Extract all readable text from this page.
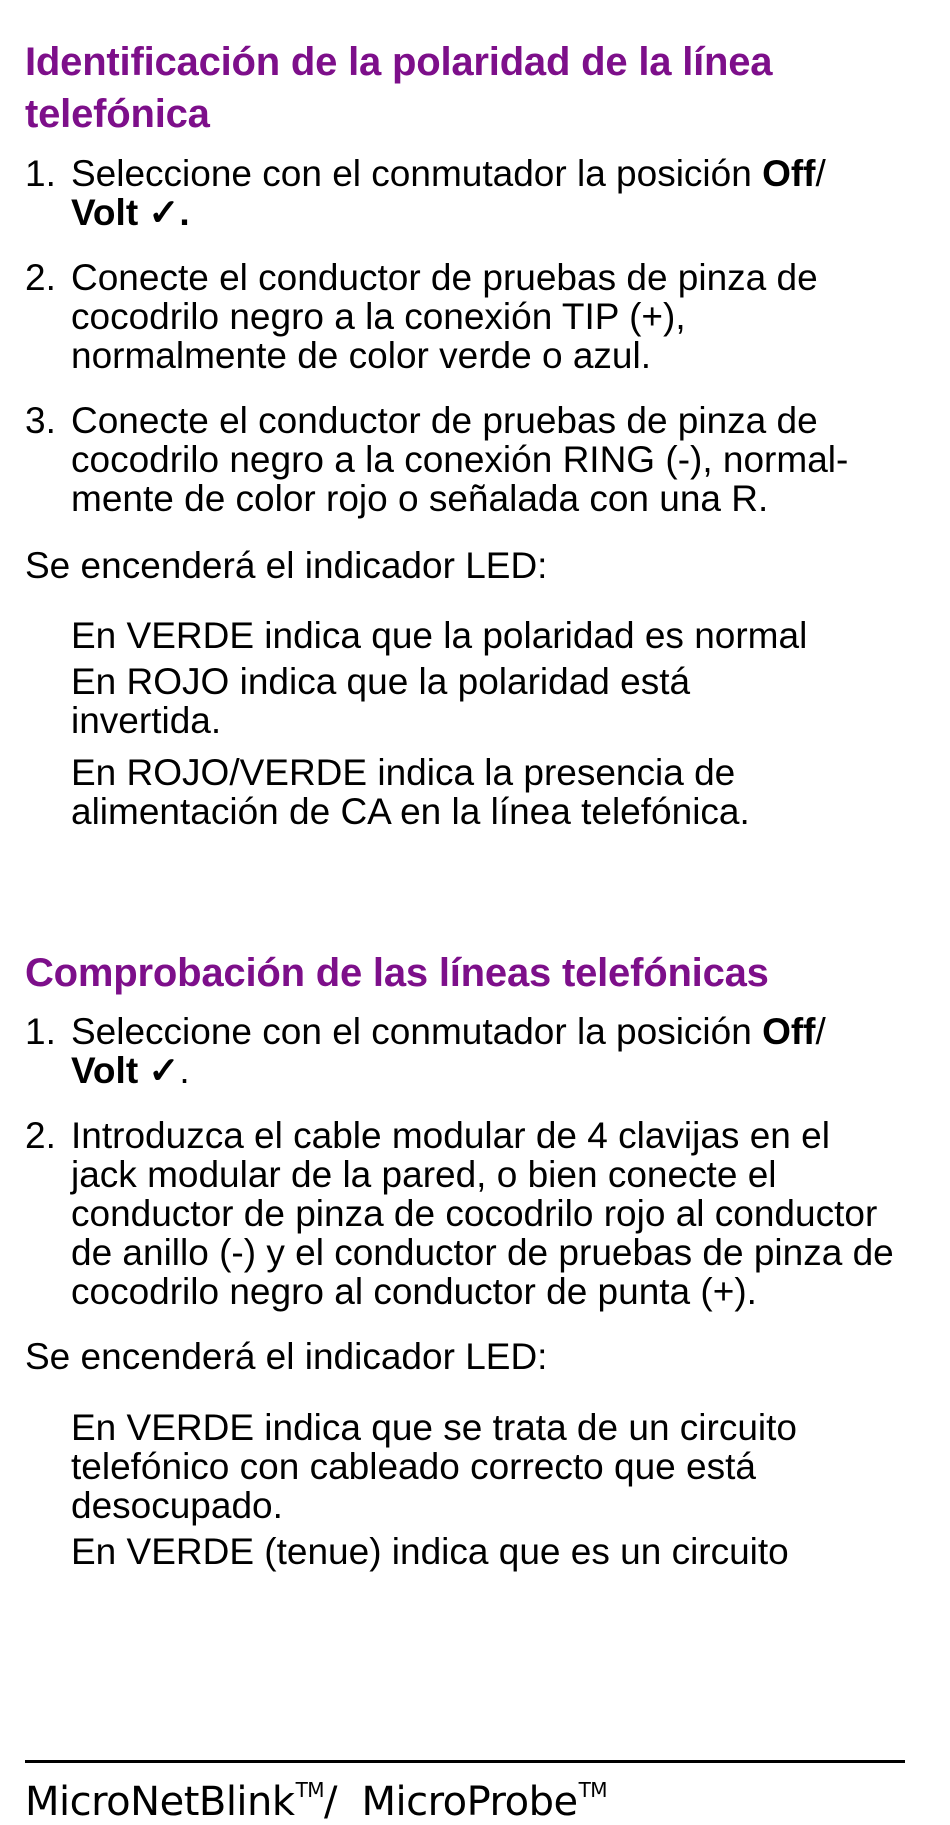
Identificación de la polaridad de la línea telefónica
1. Seleccione con el conmutador la posición Off/
Volt ✓.
2. Conecte el conductor de pruebas de pinza de cocodrilo negro a la conexión TIP (+), normalmente de color verde o azul.
3. Conecte el conductor de pruebas de pinza de cocodrilo negro a la conexión RING (-), normal-mente de color rojo o señalada con una R.

Se encenderá el indicador LED:

En VERDE indica que la polaridad es normal
En ROJO indica que la polaridad está invertida.
En ROJO/VERDE indica la presencia de alimentación de CA en la línea telefónica.
Comprobación de las líneas telefónicas
1. Seleccione con el conmutador la posición Off/
Volt ✓.
2. Introduzca el cable modular de 4 clavijas en el jack modular de la pared, o bien conecte el conductor de pinza de cocodrilo rojo al conductor de anillo (-) y el conductor de pruebas de pinza de cocodrilo negro al conductor de punta (+).

Se encenderá el indicador LED:

En VERDE indica que se trata de un circuito telefónico con cableado correcto que está desocupado.
En VERDE (tenue) indica que es un circuito
MicroNetBlink™/  MicroProbe™
